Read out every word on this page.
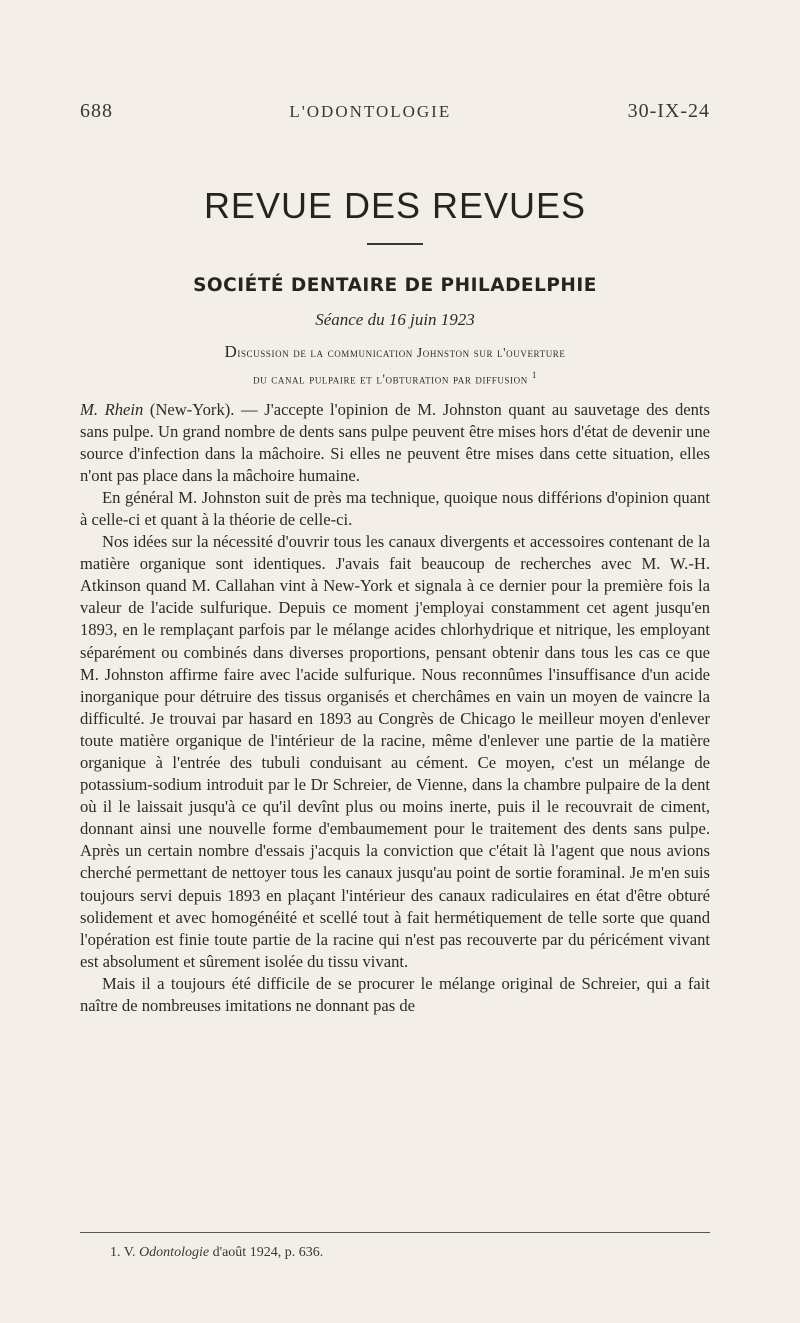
688	L'ODONTOLOGIE	30-IX-24
REVUE DES REVUES
SOCIÉTÉ DENTAIRE DE PHILADELPHIE
Séance du 16 juin 1923
Discussion de la communication Johnston sur l'ouverture
du canal pulpaire et l'obturation par diffusion $^1$

M. Rhein (New-York). — J'accepte l'opinion de M. Johnston quant au sauvetage des dents sans pulpe. Un grand nombre de dents sans pulpe peuvent être mises hors d'état de devenir une source d'infection dans la mâchoire. Si elles ne peuvent être mises dans cette situation, elles n'ont pas place dans la mâchoire humaine.

En général M. Johnston suit de près ma technique, quoique nous différions d'opinion quant à celle-ci et quant à la théorie de celle-ci.

Nos idées sur la nécessité d'ouvrir tous les canaux divergents et accessoires contenant de la matière organique sont identiques. J'avais fait beaucoup de recherches avec M. W.-H. Atkinson quand M. Callahan vint à New-York et signala à ce dernier pour la première fois la valeur de l'acide sulfurique. Depuis ce moment j'employai constamment cet agent jusqu'en 1893, en le remplaçant parfois par le mélange acides chlorhydrique et nitrique, les employant séparément ou combinés dans diverses proportions, pensant obtenir dans tous les cas ce que M. Johnston affirme faire avec l'acide sulfurique. Nous reconnûmes l'insuffisance d'un acide inorganique pour détruire des tissus organisés et cherchâmes en vain un moyen de vaincre la difficulté. Je trouvai par hasard en 1893 au Congrès de Chicago le meilleur moyen d'enlever toute matière organique de l'intérieur de la racine, même d'enlever une partie de la matière organique à l'entrée des tubuli conduisant au cément. Ce moyen, c'est un mélange de potassium-sodium introduit par le Dr Schreier, de Vienne, dans la chambre pulpaire de la dent où il le laissait jusqu'à ce qu'il devînt plus ou moins inerte, puis il le recouvrait de ciment, donnant ainsi une nouvelle forme d'embaumement pour le traitement des dents sans pulpe. Après un certain nombre d'essais j'acquis la conviction que c'était là l'agent que nous avions cherché permettant de nettoyer tous les canaux jusqu'au point de sortie foraminal. Je m'en suis toujours servi depuis 1893 en plaçant l'intérieur des canaux radiculaires en état d'être obturé solidement et avec homogénéité et scellé tout à fait hermétiquement de telle sorte que quand l'opération est finie toute partie de la racine qui n'est pas recouverte par du péricément vivant est absolument et sûrement isolée du tissu vivant.

Mais il a toujours été difficile de se procurer le mélange original de Schreier, qui a fait naître de nombreuses imitations ne donnant pas de

1. V. Odontologie d'août 1924, p. 636.
